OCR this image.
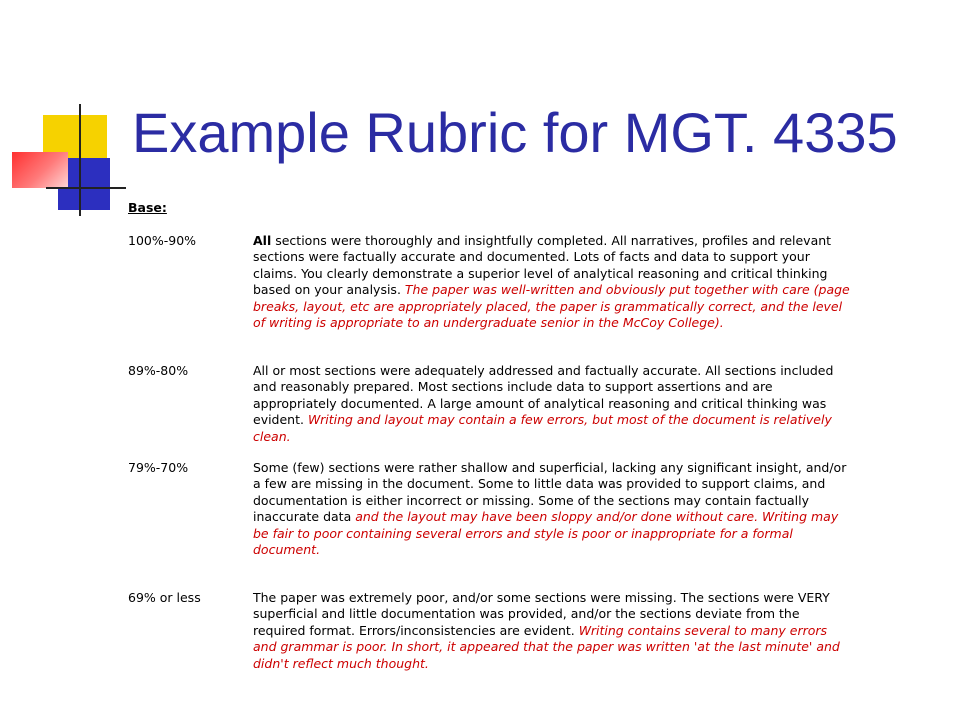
Example Rubric for MGT. 4335
Base:
100%-90%	All sections were thoroughly and insightfully completed. All narratives, profiles and relevant sections were factually accurate and documented. Lots of facts and data to support your claims. You clearly demonstrate a superior level of analytical reasoning and critical thinking based on your analysis. The paper was well-written and obviously put together with care (page breaks, layout, etc are appropriately placed, the paper is grammatically correct, and the level of writing is appropriate to an undergraduate senior in the McCoy College).
89%-80%	All or most sections were adequately addressed and factually accurate. All sections included and reasonably prepared. Most sections include data to support assertions and are appropriately documented. A large amount of analytical reasoning and critical thinking was evident. Writing and layout may contain a few errors, but most of the document is relatively clean.
79%-70%	Some (few) sections were rather shallow and superficial, lacking any significant insight, and/or a few are missing in the document. Some to little data was provided to support claims, and documentation is either incorrect or missing. Some of the sections may contain factually inaccurate data and the layout may have been sloppy and/or done without care. Writing may be fair to poor containing several errors and style is poor or inappropriate for a formal document.
69% or less	The paper was extremely poor, and/or some sections were missing. The sections were VERY superficial and little documentation was provided, and/or the sections deviate from the required format. Errors/inconsistencies are evident. Writing contains several to many errors and grammar is poor. In short, it appeared that the paper was written 'at the last minute' and didn't reflect much thought.
